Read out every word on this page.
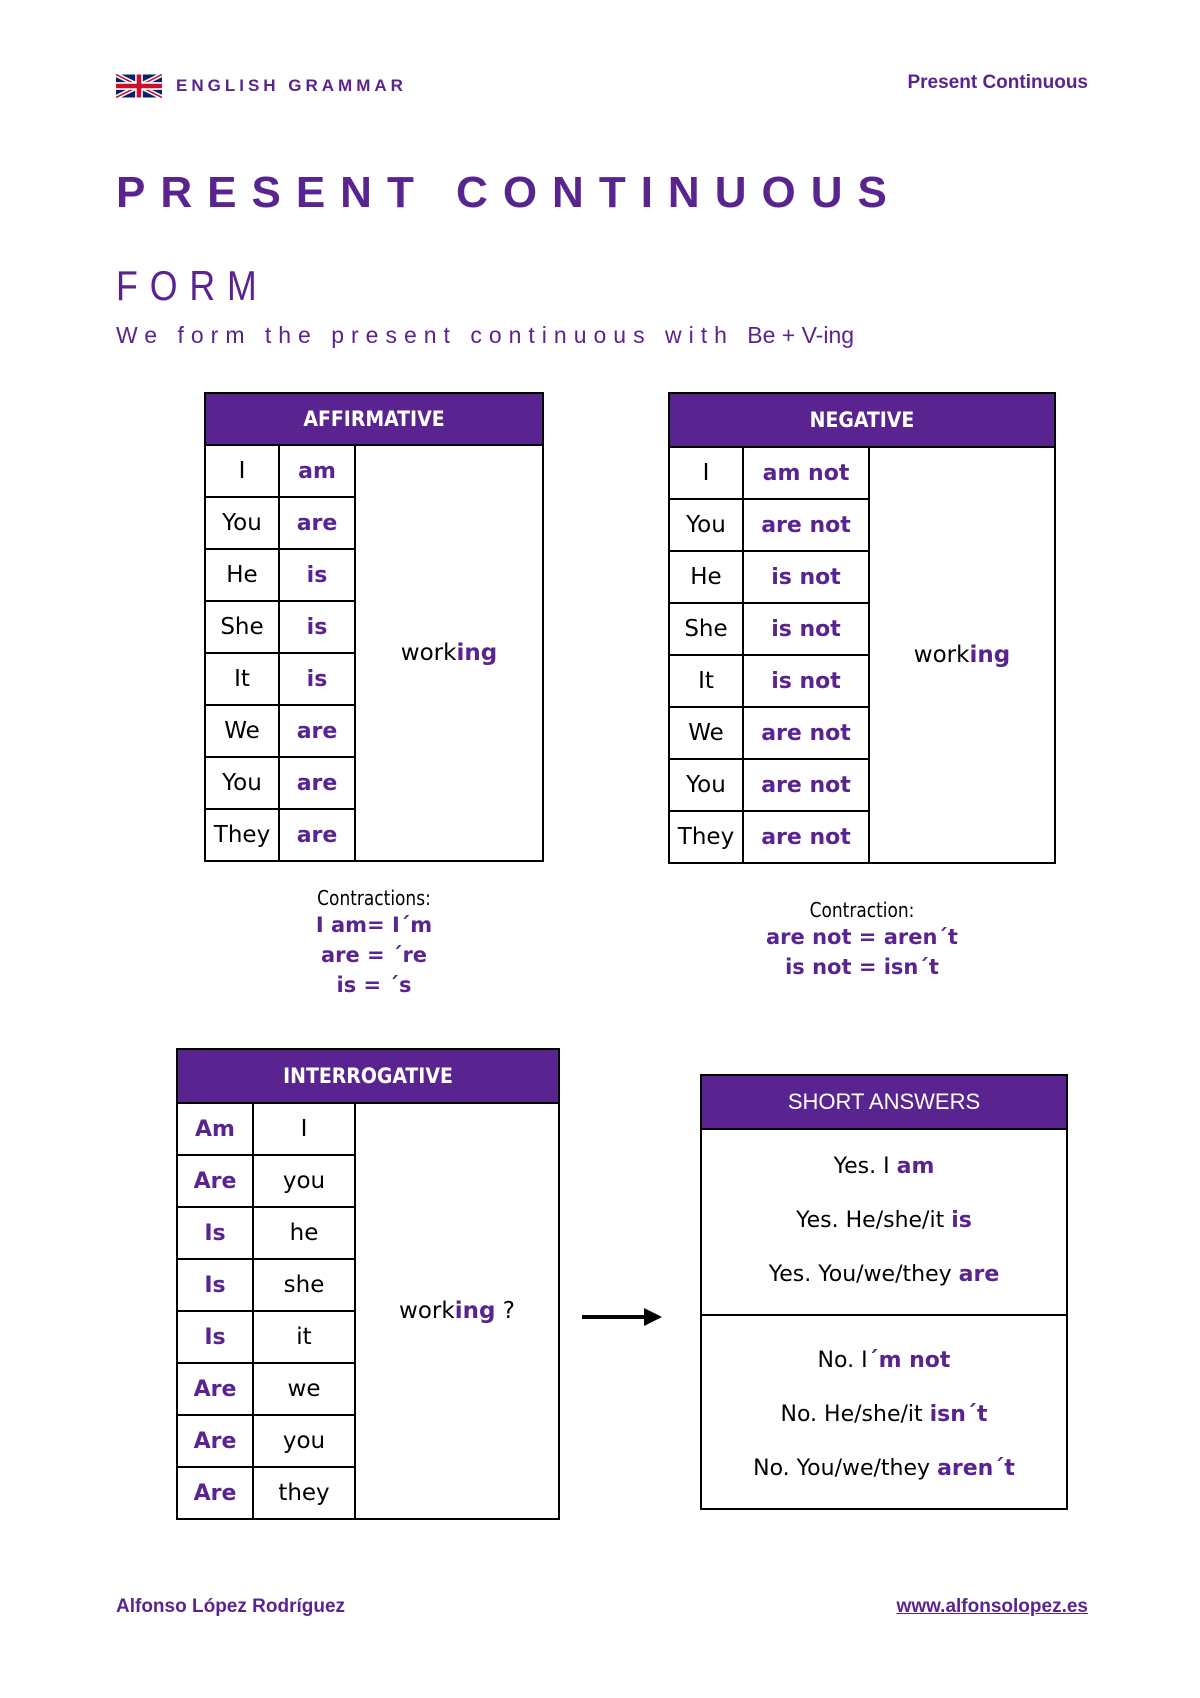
ENGLISH GRAMMAR	Present Continuous
PRESENT CONTINUOUS
FORM
We form the present continuous with Be + V-ing
AFFIRMATIVE		
I	am	working
You	are	
He	is	
She	is	
It	is	
We	are	
You	are	
They	are	
Contractions:
I am= I´m
are = ´re
is = ´s
NEGATIVE		
I	am not	working
You	are not	
He	is not	
She	is not	
It	is not	
We	are not	
You	are not	
They	are not	
Contraction:
are not = aren´t
is not = isn´t
INTERROGATIVE		
Am	I	working ?
Are	you	
Is	he	
Is	she	
Is	it	
Are	we	
Are	you	
Are	they	
SHORT ANSWERS
Yes. I am
Yes. He/she/it is
Yes. You/we/they are
No. I´m not
No. He/she/it isn´t
No. You/we/they aren´t
Alfonso López Rodríguez	www.alfonsolopez.es
